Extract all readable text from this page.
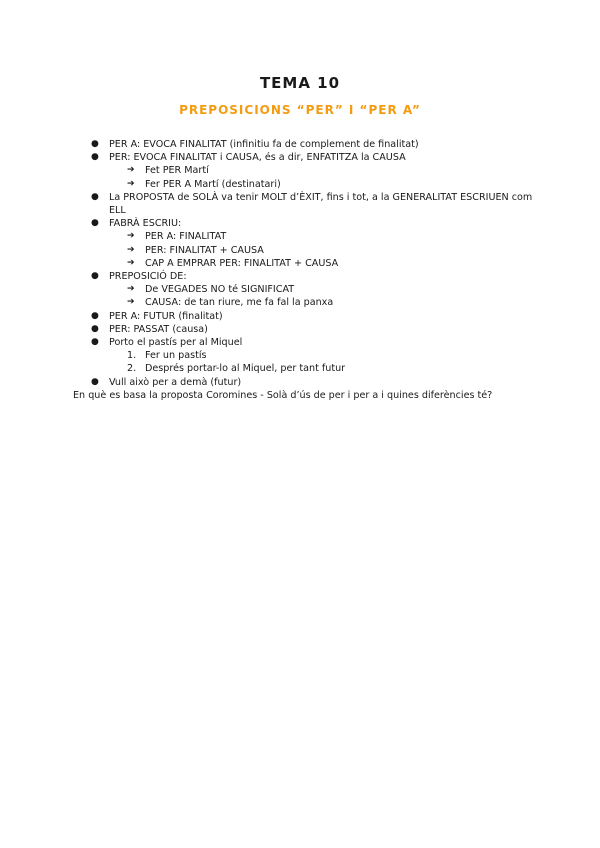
TEMA 10
PREPOSICIONS “PER” I “PER A”
● PER A: EVOCA FINALITAT (infinitiu fa de complement de finalitat)
● PER: EVOCA FINALITAT i CAUSA, és a dir, ENFATITZA la CAUSA
➔ Fet PER Martí
➔ Fer PER A Martí (destinatari)
● La PROPOSTA de SOLÀ va tenir MOLT d’ÈXIT, fins i tot, a la GENERALITAT ESCRIUEN com ELL
● FABRÀ ESCRIU:
➔ PER A: FINALITAT
➔ PER: FINALITAT + CAUSA
➔ CAP A EMPRAR PER: FINALITAT + CAUSA
● PREPOSICIÓ DE:
➔ De VEGADES NO té SIGNIFICAT
➔ CAUSA: de tan riure, me fa fal la panxa
● PER A: FUTUR (finalitat)
● PER: PASSAT (causa)
● Porto el pastís per al Miquel
1. Fer un pastís
2. Després portar-lo al Miquel, per tant futur
● Vull això per a demà (futur)
En què es basa la proposta Coromines - Solà d’ús de per i per a i quines diferències té?
